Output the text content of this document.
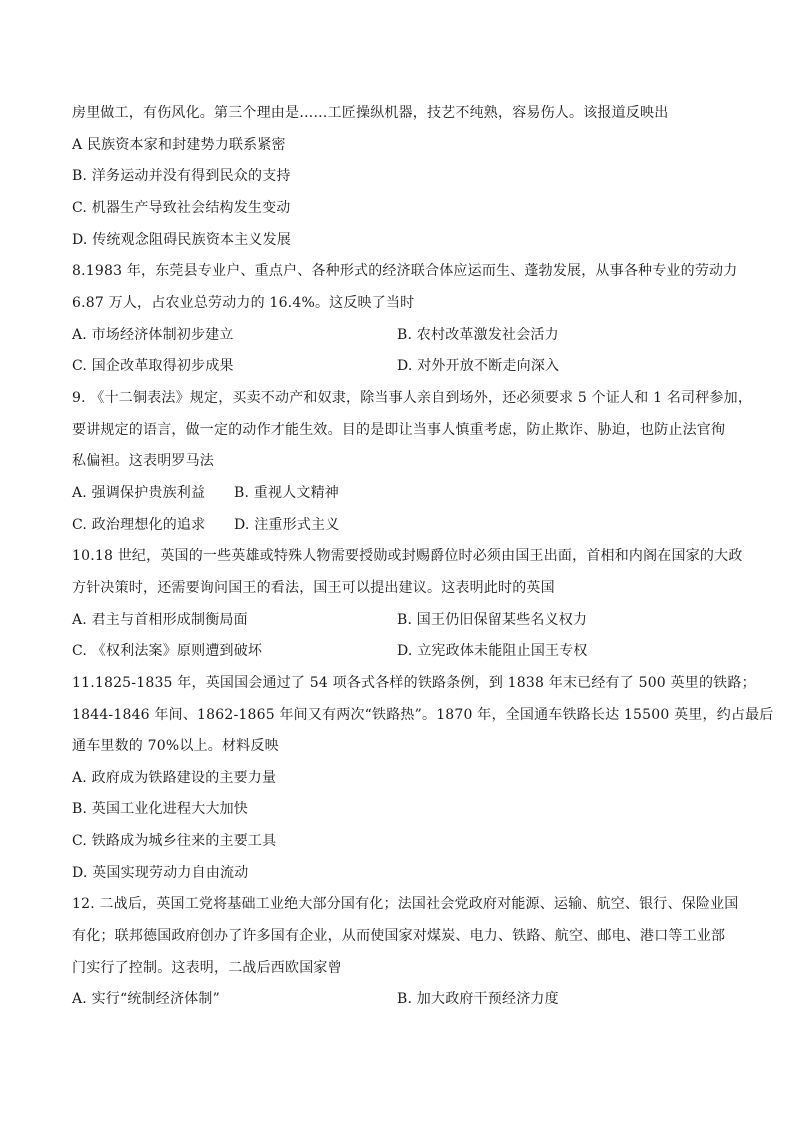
房里做工，有伤风化。第三个理由是……工匠操纵机器，技艺不纯熟，容易伤人。该报道反映出
A 民族资本家和封建势力联系紧密
B. 洋务运动并没有得到民众的支持
C. 机器生产导致社会结构发生变动
D. 传统观念阻碍民族资本主义发展
8.1983 年，东莞县专业户、重点户、各种形式的经济联合体应运而生、蓬勃发展，从事各种专业的劳动力
6.87 万人，占农业总劳动力的 16.4%。这反映了当时
A. 市场经济体制初步建立	B. 农村改革激发社会活力
C. 国企改革取得初步成果	D. 对外开放不断走向深入
9. 《十二铜表法》规定，买卖不动产和奴隶，除当事人亲自到场外，还必须要求 5 个证人和 1 名司秤参加，
要讲规定的语言，做一定的动作才能生效。目的是即让当事人慎重考虑，防止欺诈、胁迫，也防止法官徇
私偏袒。这表明罗马法
A. 强调保护贵族利益 B. 重视人文精神
C. 政治理想化的追求 D. 注重形式主义
10.18 世纪，英国的一些英雄或特殊人物需要授勋或封赐爵位时必须由国王出面，首相和内阁在国家的大政
方针决策时，还需要询问国王的看法，国王可以提出建议。这表明此时的英国
A. 君主与首相形成制衡局面	B. 国王仍旧保留某些名义权力
C. 《权利法案》原则遭到破坏	D. 立宪政体未能阻止国王专权
11.1825-1835 年，英国国会通过了 54 项各式各样的铁路条例，到 1838 年末已经有了 500 英里的铁路；
1844-1846 年间、1862-1865 年间又有两次“铁路热”。1870 年，全国通车铁路长达 15500 英里，约占最后
通车里数的 70%以上。材料反映
A. 政府成为铁路建设的主要力量
B. 英国工业化进程大大加快
C. 铁路成为城乡往来的主要工具
D. 英国实现劳动力自由流动
12. 二战后，英国工党将基础工业绝大部分国有化；法国社会党政府对能源、运输、航空、银行、保险业国
有化；联邦德国政府创办了许多国有企业，从而使国家对煤炭、电力、铁路、航空、邮电、港口等工业部
门实行了控制。这表明，二战后西欧国家曾
A. 实行“统制经济体制”	B. 加大政府干预经济力度
